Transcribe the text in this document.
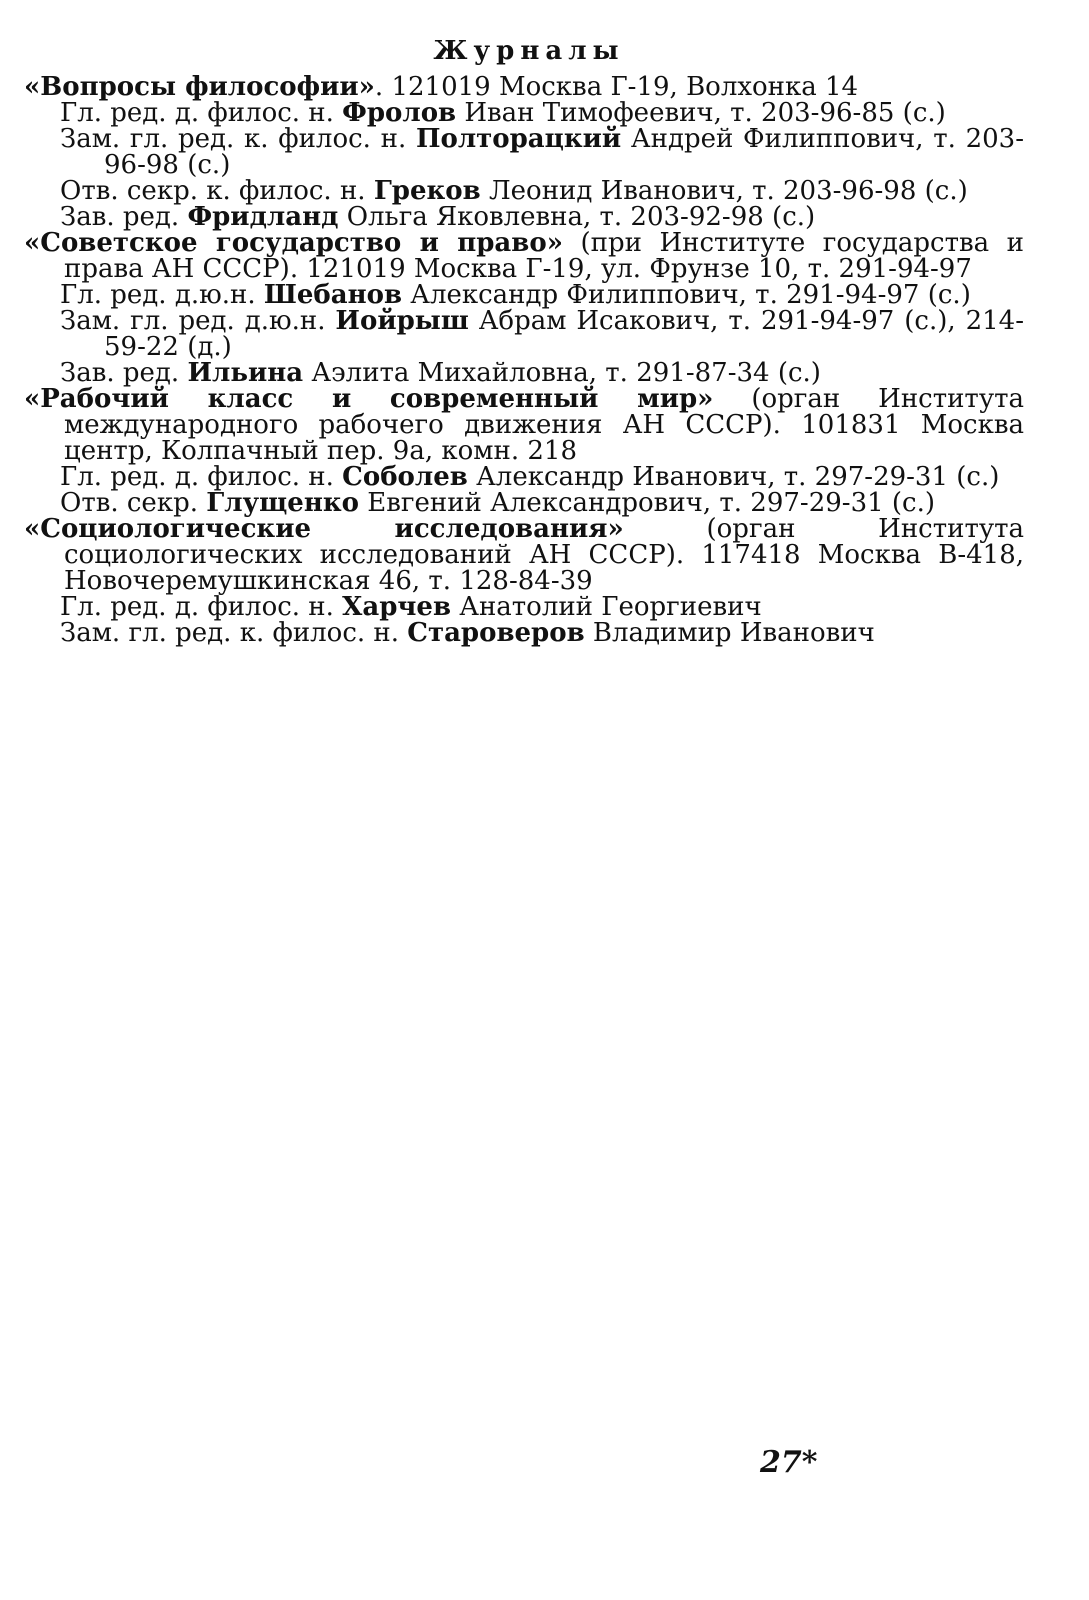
Журналы

«Вопросы философии». 121019 Москва Г-19, Волхонка 14

Гл. ред. д. филос. н. Фролов Иван Тимофеевич, т. 203-96-85 (с.)

Зам. гл. ред. к. филос. н. Полторацкий Андрей Филиппович, т. 203-96-98 (с.)

Отв. секр. к. филос. н. Греков Леонид Иванович, т. 203-96-98 (с.)

Зав. ред. Фридланд Ольга Яковлевна, т. 203-92-98 (с.)

«Советское государство и право» (при Институте государства и права АН СССР). 121019 Москва Г-19, ул. Фрунзе 10, т. 291-94-97

Гл. ред. д.ю.н. Шебанов Александр Филиппович, т. 291-94-97 (с.)

Зам. гл. ред. д.ю.н. Иойрыш Абрам Исакович, т. 291-94-97 (с.), 214-59-22 (д.)

Зав. ред. Ильина Аэлита Михайловна, т. 291-87-34 (с.)

«Рабочий класс и современный мир» (орган Института международного рабочего движения АН СССР). 101831 Москва центр, Колпачный пер. 9а, комн. 218

Гл. ред. д. филос. н. Соболев Александр Иванович, т. 297-29-31 (с.)

Отв. секр. Глущенко Евгений Александрович, т. 297-29-31 (с.)

«Социологические исследования» (орган Института социологических исследований АН СССР). 117418 Москва В-418, Новочеремушкинская 46, т. 128-84-39

Гл. ред. д. филос. н. Харчев Анатолий Георгиевич

Зам. гл. ред. к. филос. н. Староверов Владимир Иванович

27*
